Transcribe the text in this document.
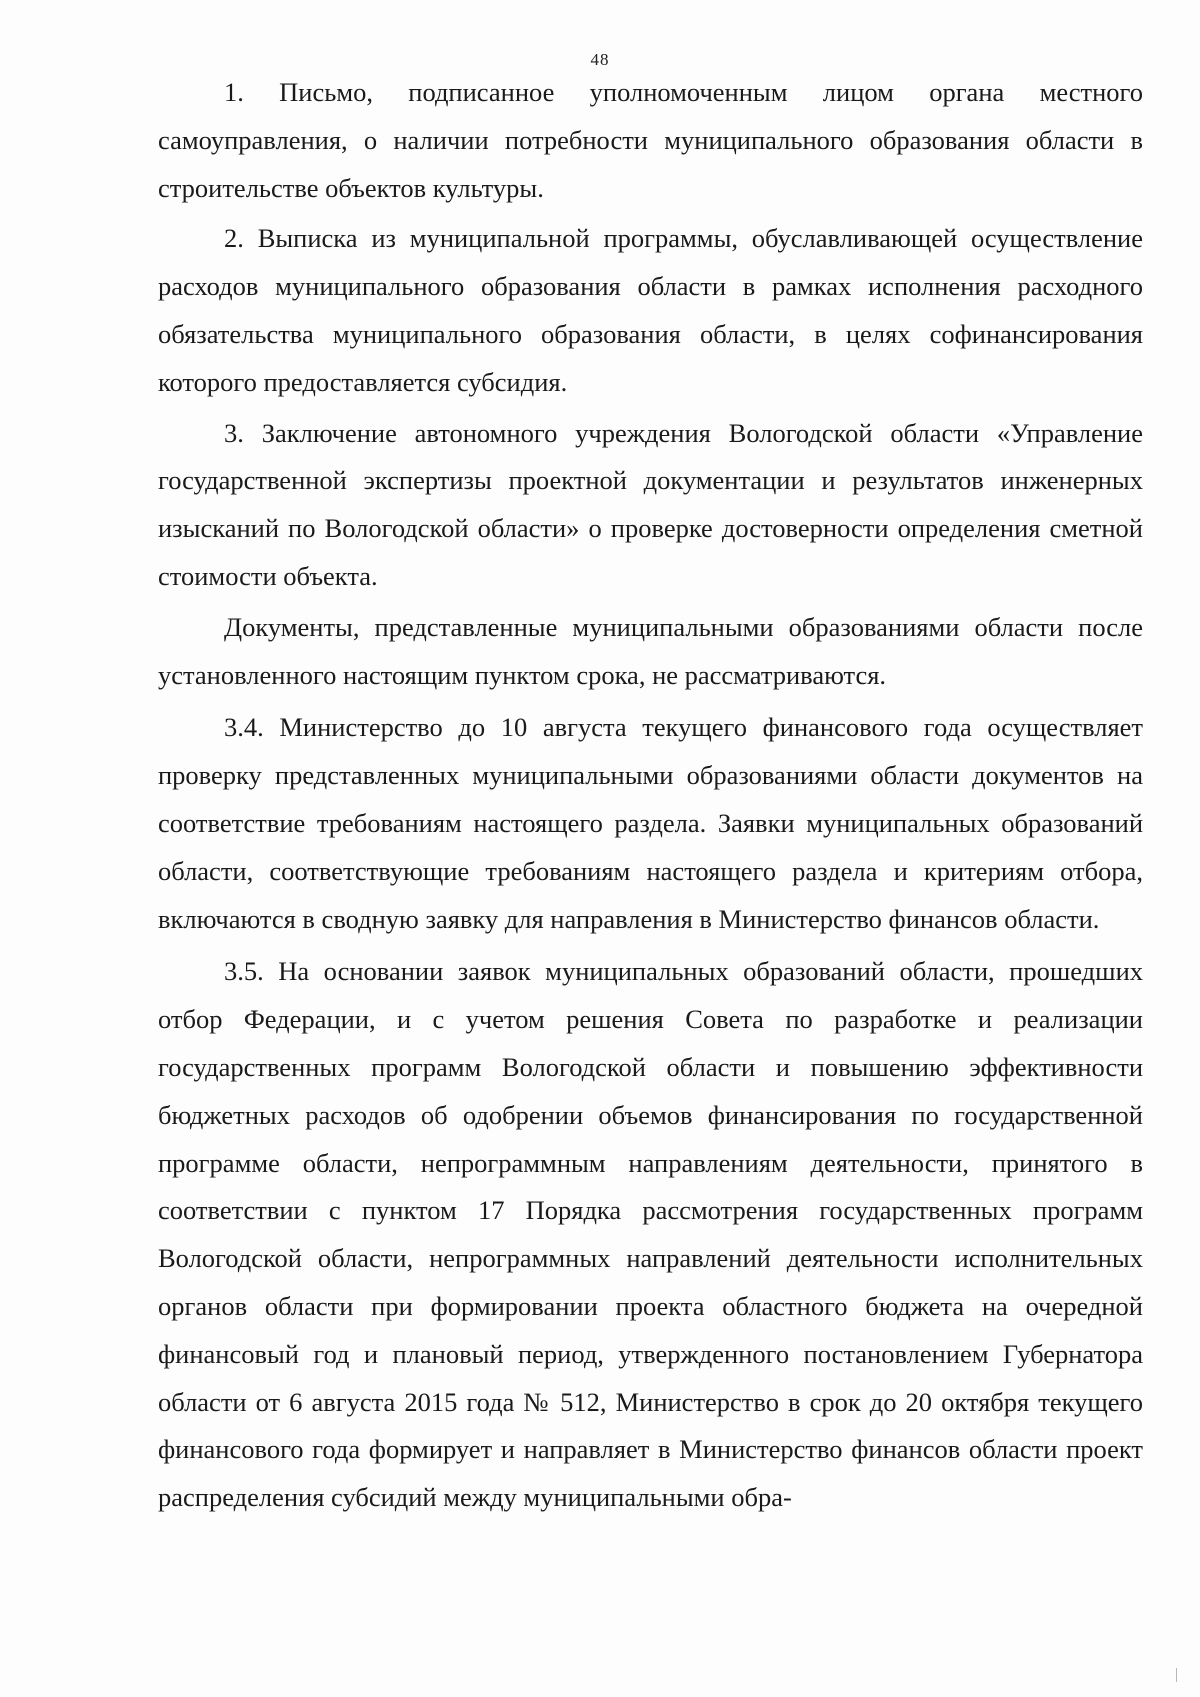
48

1. Письмо, подписанное уполномоченным лицом органа местного самоуправления, о наличии потребности муниципального образования области в строительстве объектов культуры.

2. Выписка из муниципальной программы, обуславливающей осуществление расходов муниципального образования области в рамках исполнения расходного обязательства муниципального образования области, в целях софинансирования которого предоставляется субсидия.

3. Заключение автономного учреждения Вологодской области «Управление государственной экспертизы проектной документации и результатов инженерных изысканий по Вологодской области» о проверке достоверности определения сметной стоимости объекта.

Документы, представленные муниципальными образованиями области после установленного настоящим пунктом срока, не рассматриваются.

3.4. Министерство до 10 августа текущего финансового года осуществляет проверку представленных муниципальными образованиями области документов на соответствие требованиям настоящего раздела. Заявки муниципальных образований области, соответствующие требованиям настоящего раздела и критериям отбора, включаются в сводную заявку для направления в Министерство финансов области.

3.5. На основании заявок муниципальных образований области, прошедших отбор Федерации, и с учетом решения Совета по разработке и реализации государственных программ Вологодской области и повышению эффективности бюджетных расходов об одобрении объемов финансирования по государственной программе области, непрограммным направлениям деятельности, принятого в соответствии с пунктом 17 Порядка рассмотрения государственных программ Вологодской области, непрограммных направлений деятельности исполнительных органов области при формировании проекта областного бюджета на очередной финансовый год и плановый период, утвержденного постановлением Губернатора области от 6 августа 2015 года № 512, Министерство в срок до 20 октября текущего финансового года формирует и направляет в Министерство финансов области проект распределения субсидий между муниципальными обра-
